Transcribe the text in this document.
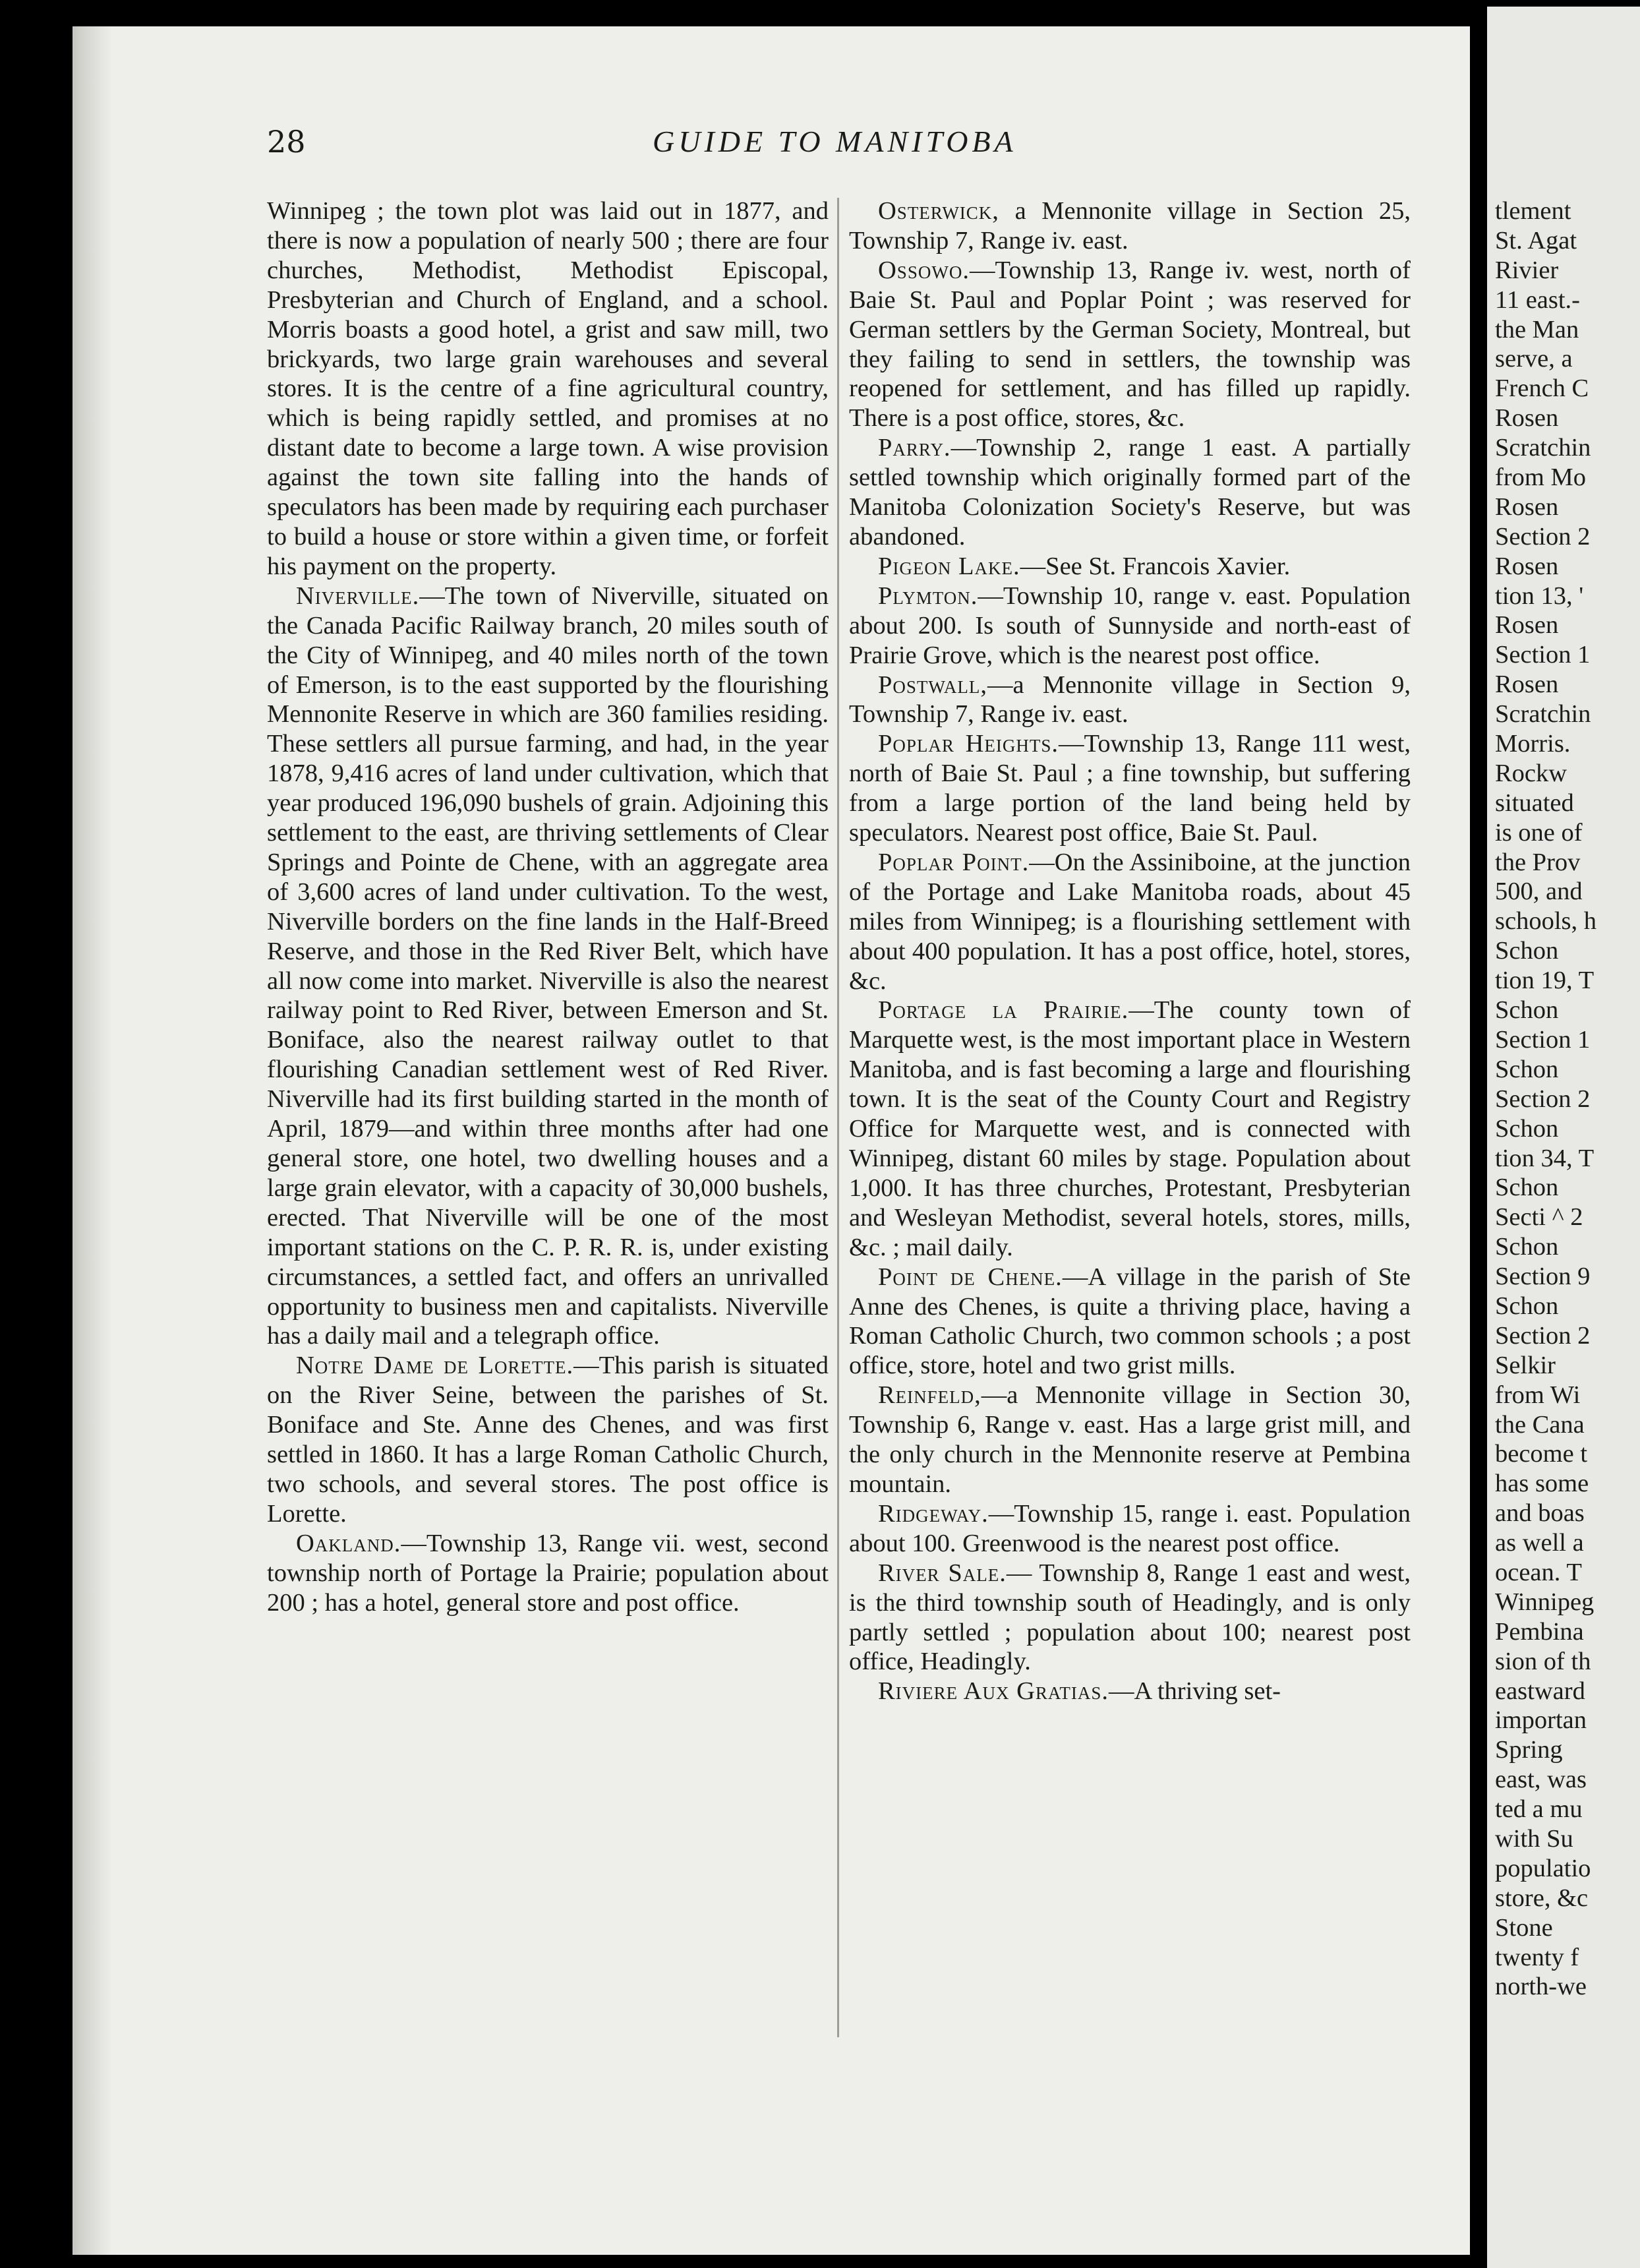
28	GUIDE TO MANITOBA

Winnipeg ; the town plot was laid out in 1877, and there is now a population of nearly 500 ; there are four churches, Methodist, Methodist Episcopal, Presbyterian and Church of England, and a school. Morris boasts a good hotel, a grist and saw mill, two brickyards, two large grain warehouses and several stores. It is the centre of a fine agricultural country, which is being rapidly settled, and promises at no distant date to become a large town. A wise provision against the town site falling into the hands of speculators has been made by requiring each purchaser to build a house or store within a given time, or forfeit his payment on the property.

Niverville.—The town of Niverville, situated on the Canada Pacific Railway branch, 20 miles south of the City of Winnipeg, and 40 miles north of the town of Emerson, is to the east supported by the flourishing Mennonite Reserve in which are 360 families residing. These settlers all pursue farming, and had, in the year 1878, 9,416 acres of land under cultivation, which that year produced 196,090 bushels of grain. Adjoining this settlement to the east, are thriving settlements of Clear Springs and Pointe de Chene, with an aggregate area of 3,600 acres of land under cultivation. To the west, Niverville borders on the fine lands in the Half-Breed Reserve, and those in the Red River Belt, which have all now come into market. Niverville is also the nearest railway point to Red River, between Emerson and St. Boniface, also the nearest railway outlet to that flourishing Canadian settlement west of Red River. Niverville had its first building started in the month of April, 1879—and within three months after had one general store, one hotel, two dwelling houses and a large grain elevator, with a capacity of 30,000 bushels, erected. That Niverville will be one of the most important stations on the C. P. R. R. is, under existing circumstances, a settled fact, and offers an unrivalled opportunity to business men and capitalists. Niverville has a daily mail and a telegraph office.

Notre Dame de Lorette.—This parish is situated on the River Seine, between the parishes of St. Boniface and Ste. Anne des Chenes, and was first settled in 1860. It has a large Roman Catholic Church, two schools, and several stores. The post office is Lorette.

Oakland.—Township 13, Range vii. west, second township north of Portage la Prairie; population about 200 ; has a hotel, general store and post office.

Osterwick, a Mennonite village in Section 25, Township 7, Range iv. east.

Ossowo.—Township 13, Range iv. west, north of Baie St. Paul and Poplar Point ; was reserved for German settlers by the German Society, Montreal, but they failing to send in settlers, the township was reopened for settlement, and has filled up rapidly. There is a post office, stores, &c.

Parry.—Township 2, range 1 east. A partially settled township which originally formed part of the Manitoba Colonization Society's Reserve, but was abandoned.

Pigeon Lake.—See St. Francois Xavier.

Plymton.—Township 10, range v. east. Population about 200. Is south of Sunnyside and north-east of Prairie Grove, which is the nearest post office.

Postwall,—a Mennonite village in Section 9, Township 7, Range iv. east.

Poplar Heights.—Township 13, Range 111 west, north of Baie St. Paul ; a fine township, but suffering from a large portion of the land being held by speculators. Nearest post office, Baie St. Paul.

Poplar Point.—On the Assiniboine, at the junction of the Portage and Lake Manitoba roads, about 45 miles from Winnipeg; is a flourishing settlement with about 400 population. It has a post office, hotel, stores, &c.

Portage la Prairie.—The county town of Marquette west, is the most important place in Western Manitoba, and is fast becoming a large and flourishing town. It is the seat of the County Court and Registry Office for Marquette west, and is connected with Winnipeg, distant 60 miles by stage. Population about 1,000. It has three churches, Protestant, Presbyterian and Wesleyan Methodist, several hotels, stores, mills, &c. ; mail daily.

Point de Chene.—A village in the parish of Ste Anne des Chenes, is quite a thriving place, having a Roman Catholic Church, two common schools ; a post office, store, hotel and two grist mills.

Reinfeld,—a Mennonite village in Section 30, Township 6, Range v. east. Has a large grist mill, and the only church in the Mennonite reserve at Pembina mountain.

Ridgeway.—Township 15, range i. east. Population about 100. Greenwood is the nearest post office.

River Sale.— Township 8, Range 1 east and west, is the third township south of Headingly, and is only partly settled ; population about 100; nearest post office, Headingly.

Riviere Aux Gratias.—A thriving set-

tlement
St. Agat
Rivier
11 east.-
the Man
serve, a
French C
Rosen
Scratchin
from Mo
Rosen
Section 2
Rosen
tion 13, '
Rosen
Section 1
Rosen
Scratchin
Morris.
Rockw
situated
is one of
the Prov
500, and
schools, h
Schon
tion 19, T
Schon
Section 1
Schon
Section 2
Schon
tion 34, T
Schon
Secti ^ 2
Schon
Section 9
Schon
Section 2
Selkir
from Wi
the Cana
become t
has some
and boas
as well a
ocean. T
Winnipeg
Pembina
sion of th
eastward
importan
Spring
east, was
ted a mu
with Su
populatio
store, &c
Stone
twenty f
north-we
